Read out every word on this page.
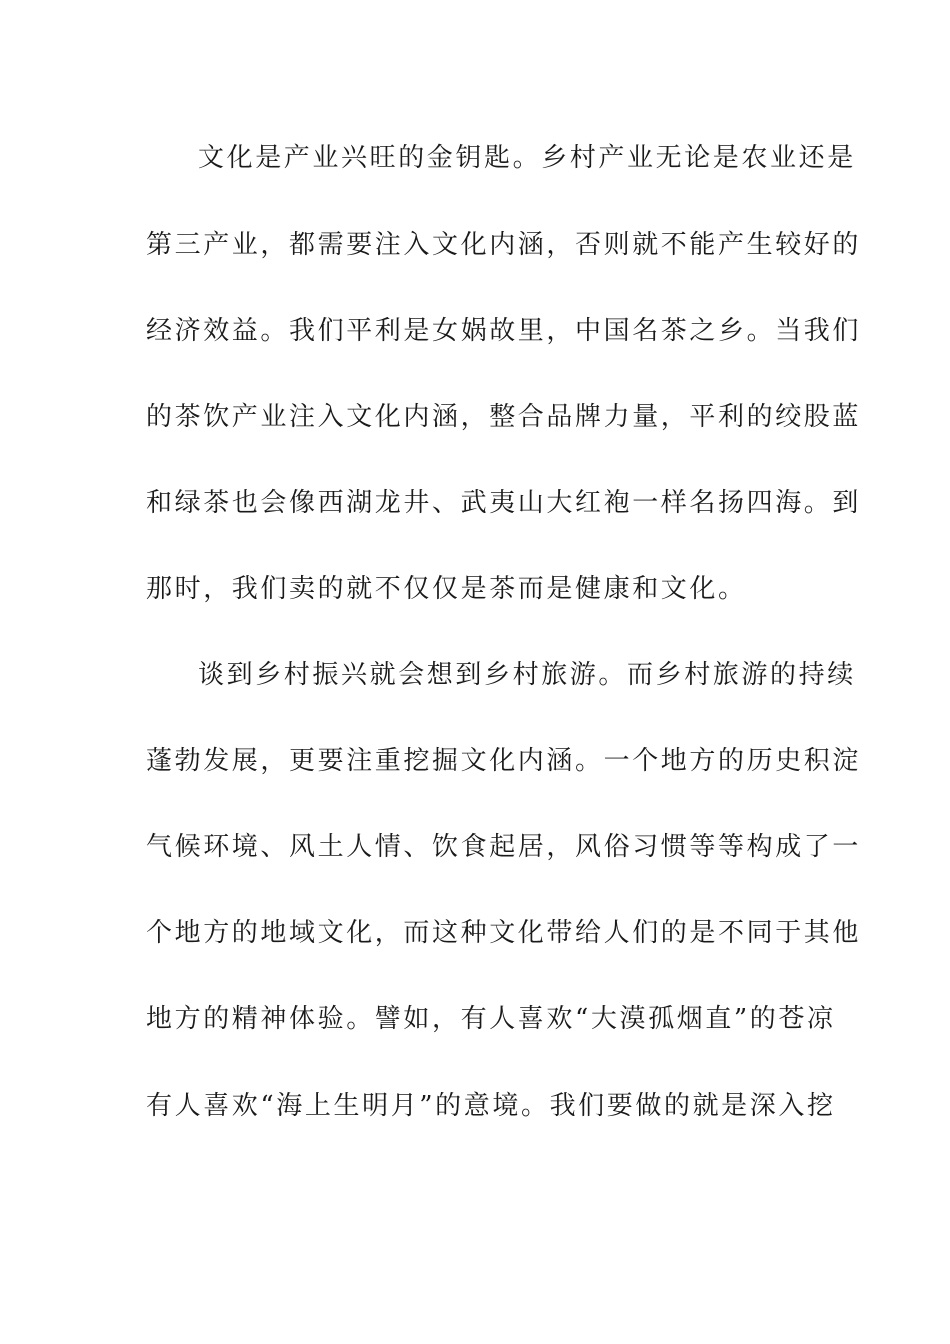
文化是产业兴旺的金钥匙。乡村产业无论是农业还是
第三产业，都需要注入文化内涵，否则就不能产生较好的
经济效益。我们平利是女娲故里，中国名茶之乡。当我们
的茶饮产业注入文化内涵，整合品牌力量，平利的绞股蓝
和绿茶也会像西湖龙井、武夷山大红袍一样名扬四海。到
那时，我们卖的就不仅仅是茶而是健康和文化。
谈到乡村振兴就会想到乡村旅游。而乡村旅游的持续
蓬勃发展，更要注重挖掘文化内涵。一个地方的历史积淀
气候环境、风土人情、饮食起居，风俗习惯等等构成了一
个地方的地域文化，而这种文化带给人们的是不同于其他
地方的精神体验。譬如，有人喜欢“大漠孤烟直”的苍凉
有人喜欢“海上生明月”的意境。我们要做的就是深入挖
